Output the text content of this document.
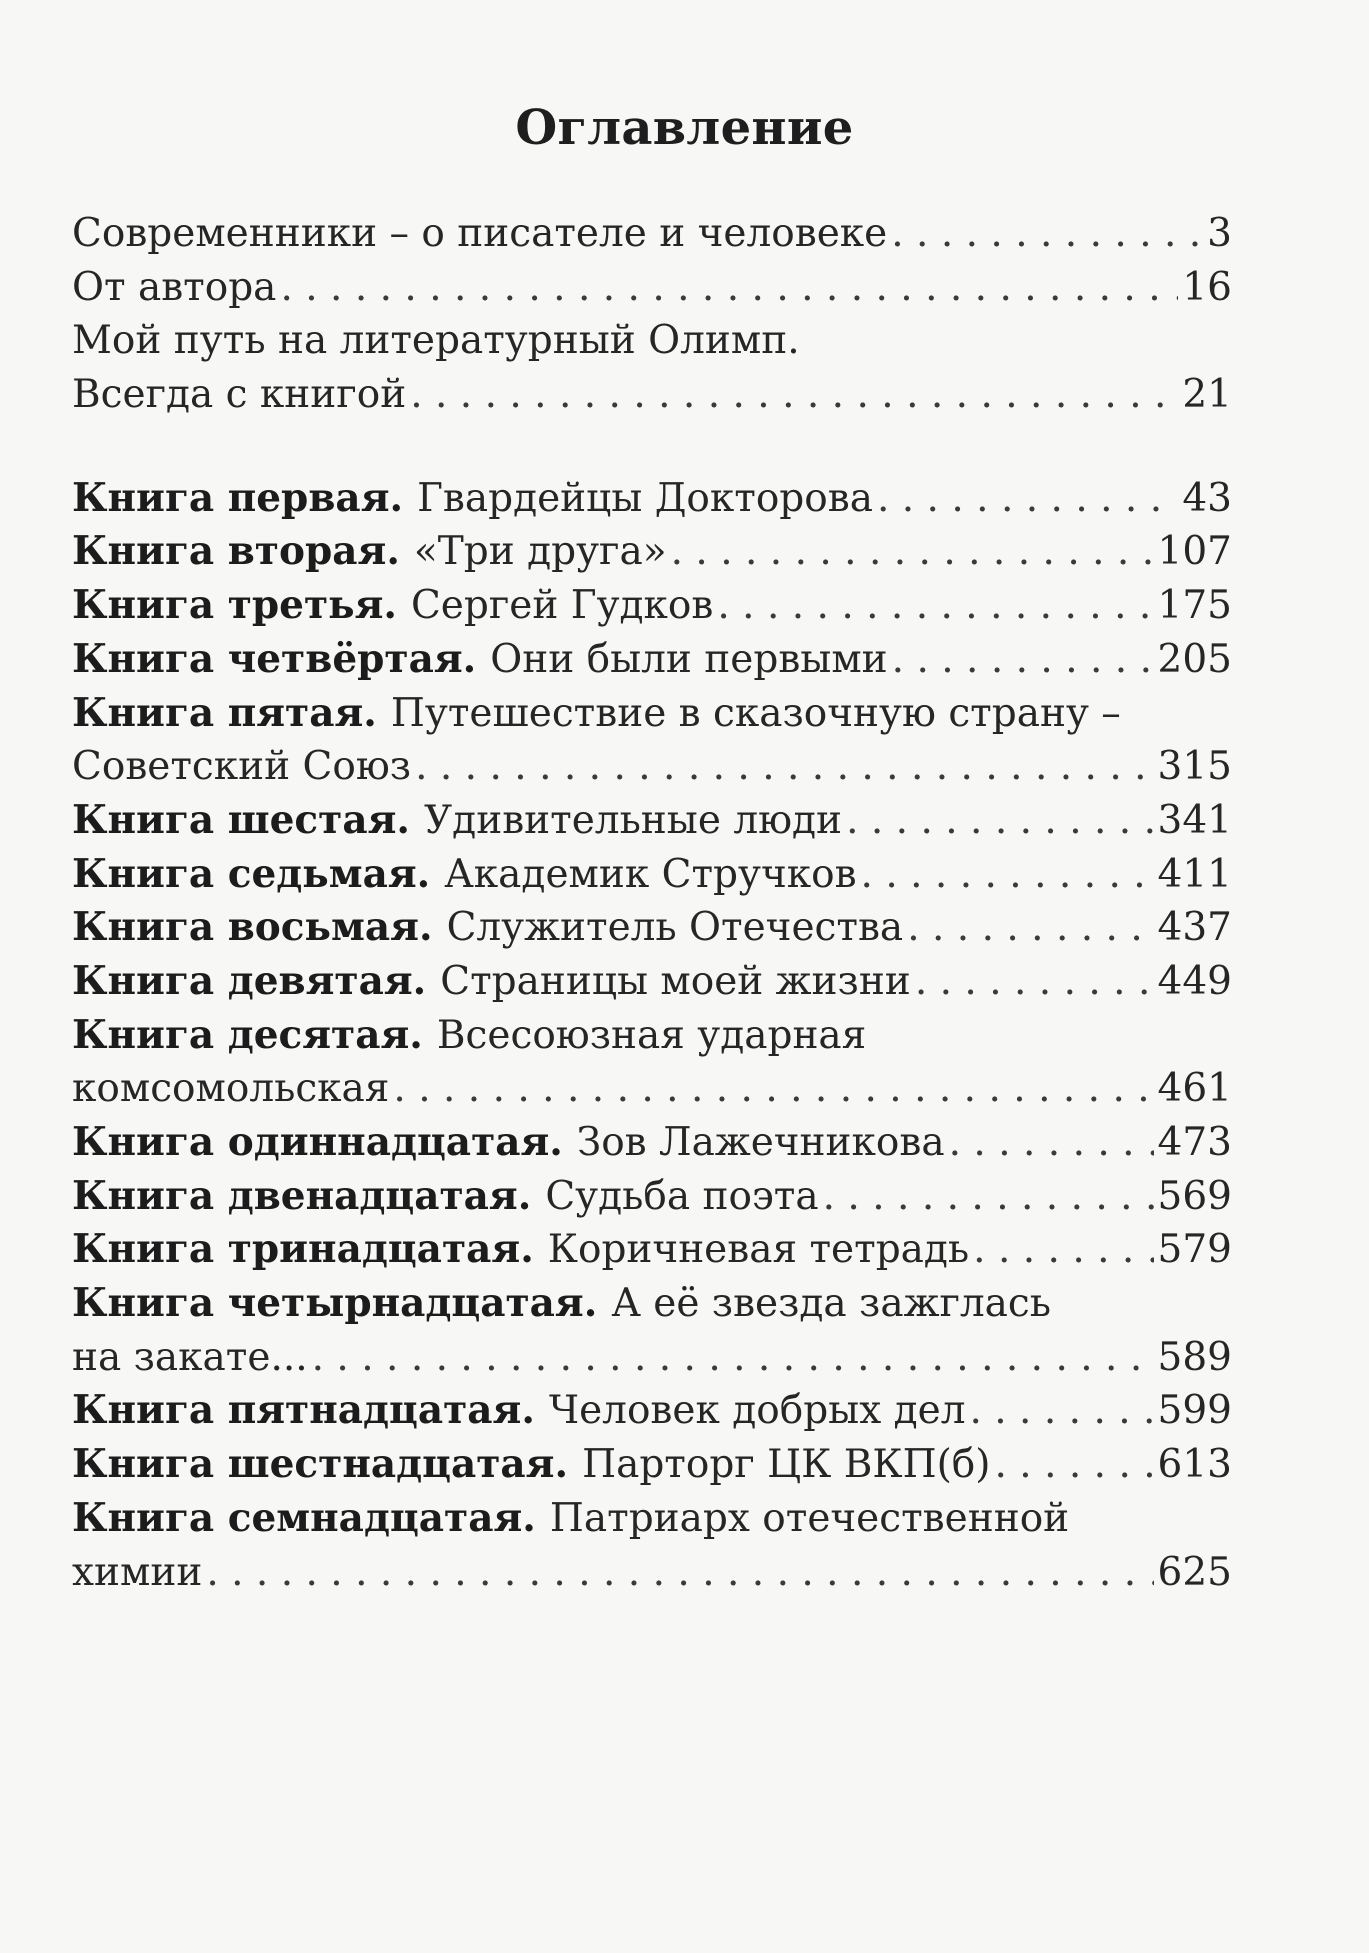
Оглавление
Современники – о писателе и человеке . . .	3
От автора . . .	16
Мой путь на литературный Олимп.
Всегда с книгой . . .	21
Книга первая. Гвардейцы Докторова . . .	43
Книга вторая. «Три друга» . . .	107
Книга третья. Сергей Гудков . . .	175
Книга четвёртая. Они были первыми . . .	205
Книга пятая. Путешествие в сказочную страну –
Советский Союз . . .	315
Книга шестая. Удивительные люди . . .	341
Книга седьмая. Академик Стручков . . .	411
Книга восьмая. Служитель Отечества . . .	437
Книга девятая. Страницы моей жизни . . .	449
Книга десятая. Всесоюзная ударная
комсомольская . . .	461
Книга одиннадцатая. Зов Лажечникова . . .	473
Книга двенадцатая. Судьба поэта . . .	569
Книга тринадцатая. Коричневая тетрадь . . .	579
Книга четырнадцатая. А её звезда зажглась
на закате... . . .	589
Книга пятнадцатая. Человек добрых дел . . .	599
Книга шестнадцатая. Парторг ЦК ВКП(б) . . .	613
Книга семнадцатая. Патриарх отечественной
химии . . .	625
